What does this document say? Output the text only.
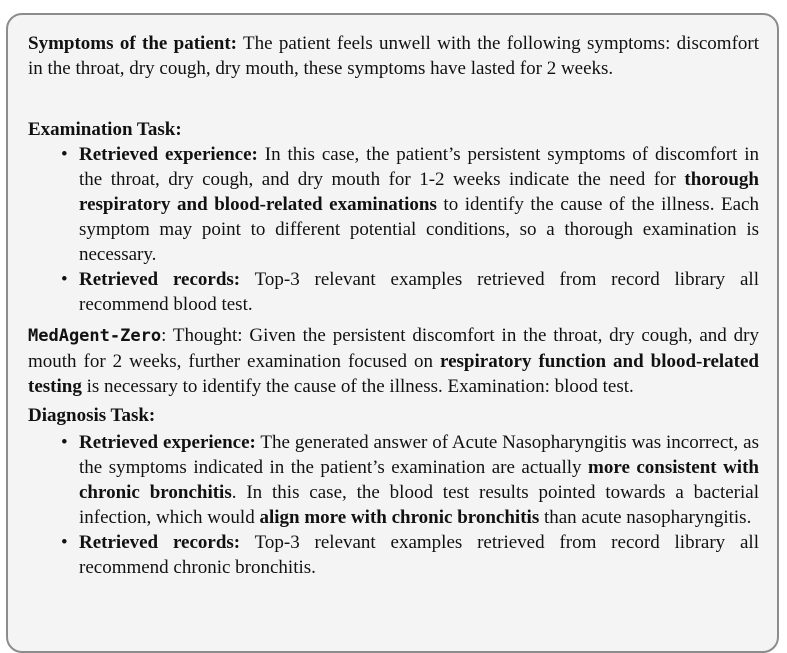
Symptoms of the patient: The patient feels unwell with the following symptoms: discomfort in the throat, dry cough, dry mouth, these symptoms have lasted for 2 weeks.

Examination Task:

• Retrieved experience: In this case, the patient’s persistent symptoms of discomfort in the throat, dry cough, and dry mouth for 1-2 weeks indicate the need for thorough respiratory and blood-related examinations to identify the cause of the illness. Each symptom may point to different potential conditions, so a thorough examination is necessary.
• Retrieved records: Top-3 relevant examples retrieved from record library all recommend blood test.

MedAgent-Zero: Thought: Given the persistent discomfort in the throat, dry cough, and dry mouth for 2 weeks, further examination focused on respiratory function and blood-related testing is necessary to identify the cause of the illness. Examination: blood test.

Diagnosis Task:

• Retrieved experience: The generated answer of Acute Nasopharyngitis was incorrect, as the symptoms indicated in the patient’s examination are actually more consistent with chronic bronchitis. In this case, the blood test results pointed towards a bacterial infection, which would align more with chronic bronchitis than acute nasopharyngitis.
• Retrieved records: Top-3 relevant examples retrieved from record library all recommend chronic bronchitis.
